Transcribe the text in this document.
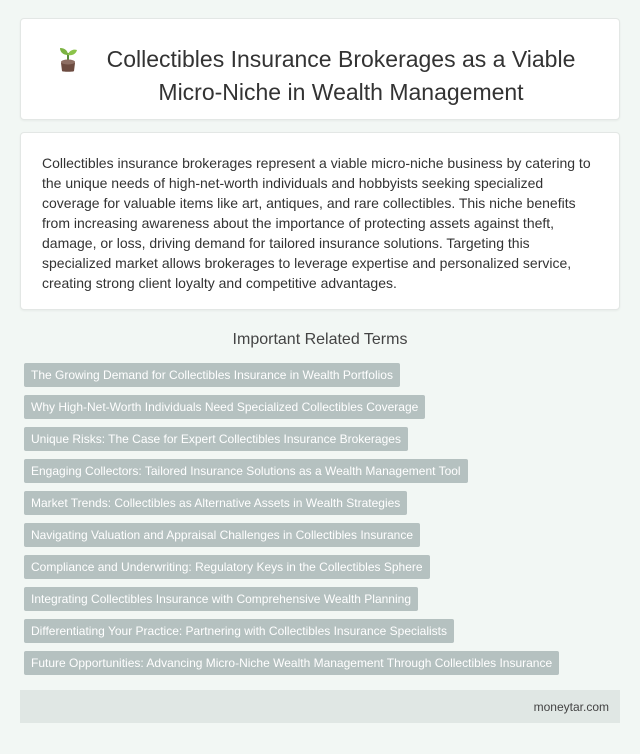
Collectibles Insurance Brokerages as a Viable Micro-Niche in Wealth Management
Collectibles insurance brokerages represent a viable micro-niche business by catering to the unique needs of high-net-worth individuals and hobbyists seeking specialized coverage for valuable items like art, antiques, and rare collectibles. This niche benefits from increasing awareness about the importance of protecting assets against theft, damage, or loss, driving demand for tailored insurance solutions. Targeting this specialized market allows brokerages to leverage expertise and personalized service, creating strong client loyalty and competitive advantages.
Important Related Terms
The Growing Demand for Collectibles Insurance in Wealth Portfolios
Why High-Net-Worth Individuals Need Specialized Collectibles Coverage
Unique Risks: The Case for Expert Collectibles Insurance Brokerages
Engaging Collectors: Tailored Insurance Solutions as a Wealth Management Tool
Market Trends: Collectibles as Alternative Assets in Wealth Strategies
Navigating Valuation and Appraisal Challenges in Collectibles Insurance
Compliance and Underwriting: Regulatory Keys in the Collectibles Sphere
Integrating Collectibles Insurance with Comprehensive Wealth Planning
Differentiating Your Practice: Partnering with Collectibles Insurance Specialists
Future Opportunities: Advancing Micro-Niche Wealth Management Through Collectibles Insurance
moneytar.com
